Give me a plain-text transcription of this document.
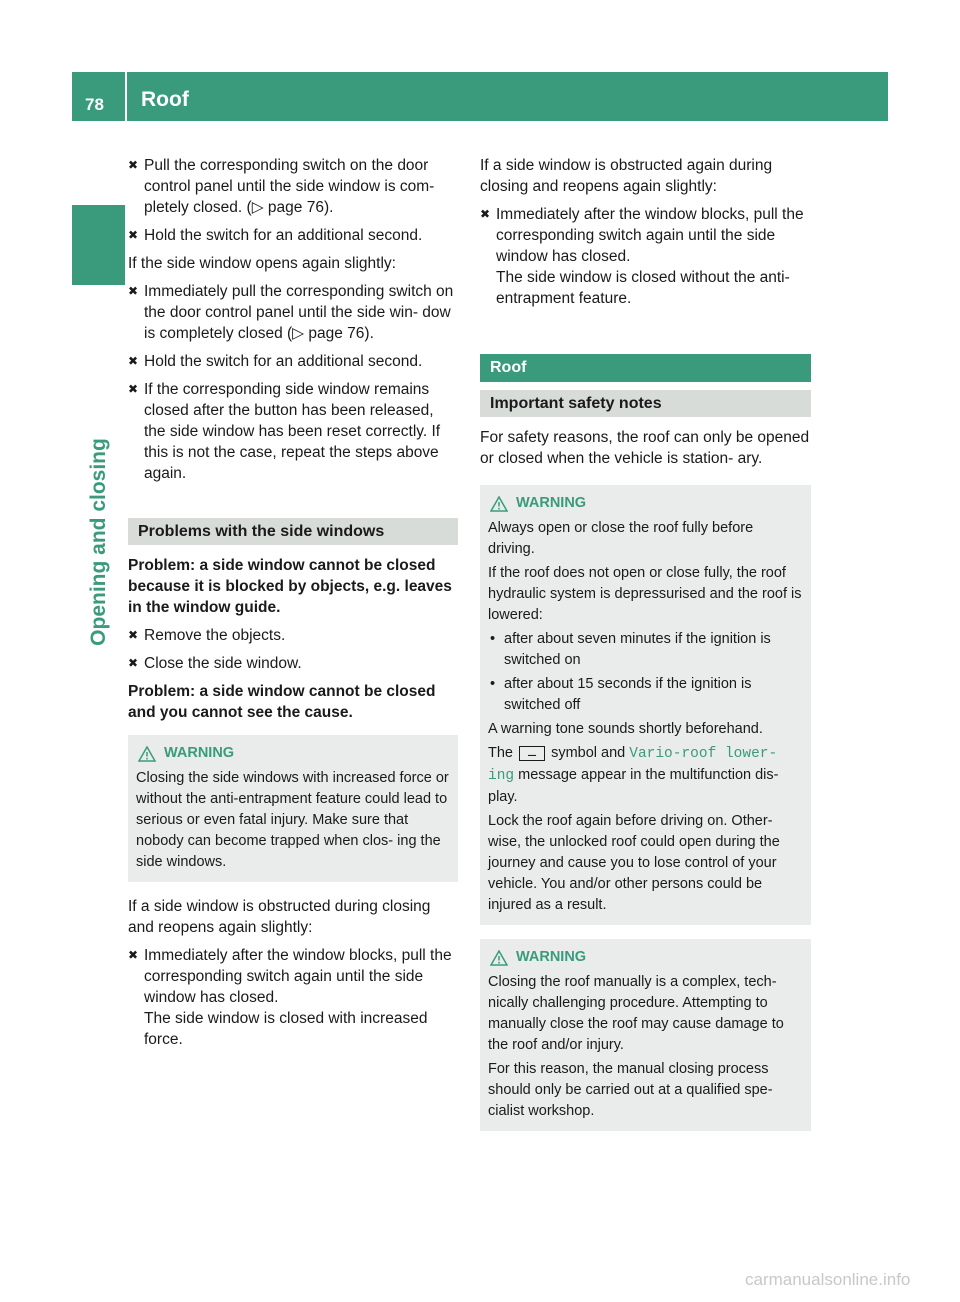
78 Roof
Opening and closing
✖ Pull the corresponding switch on the door control panel until the side window is com- pletely closed. (▷ page 76).
✖ Hold the switch for an additional second.

If the side window opens again slightly:

✖ Immediately pull the corresponding switch on the door control panel until the side win- dow is completely closed (▷ page 76).
✖ Hold the switch for an additional second.
✖ If the corresponding side window remains closed after the button has been released, the side window has been reset correctly. If this is not the case, repeat the steps above again.
Problems with the side windows

Problem: a side window cannot be closed because it is blocked by objects, e.g. leaves in the window guide.

✖ Remove the objects.
✖ Close the side window.

Problem: a side window cannot be closed and you cannot see the cause.

WARNING

Closing the side windows with increased force or without the anti-entrapment feature could lead to serious or even fatal injury. Make sure that nobody can become trapped when clos- ing the side windows.

If a side window is obstructed during closing and reopens again slightly:

✖ Immediately after the window blocks, pull the corresponding switch again until the side window has closed.
The side window is closed with increased force.

If a side window is obstructed again during closing and reopens again slightly:

✖ Immediately after the window blocks, pull the corresponding switch again until the side window has closed.
The side window is closed without the anti- entrapment feature.
Roof
Important safety notes

For safety reasons, the roof can only be opened or closed when the vehicle is station- ary.

WARNING

Always open or close the roof fully before driving.

If the roof does not open or close fully, the roof hydraulic system is depressurised and the roof is lowered:

• after about seven minutes if the ignition is switched on
• after about 15 seconds if the ignition is switched off

A warning tone sounds shortly beforehand.

The ⚊ symbol and Vario-roof lower‐ ing message appear in the multifunction dis- play.

Lock the roof again before driving on. Other- wise, the unlocked roof could open during the journey and cause you to lose control of your vehicle. You and/or other persons could be injured as a result.

WARNING

Closing the roof manually is a complex, tech- nically challenging procedure. Attempting to manually close the roof may cause damage to the roof and/or injury.

For this reason, the manual closing process should only be carried out at a qualified spe- cialist workshop.

carmanualsonline.info
